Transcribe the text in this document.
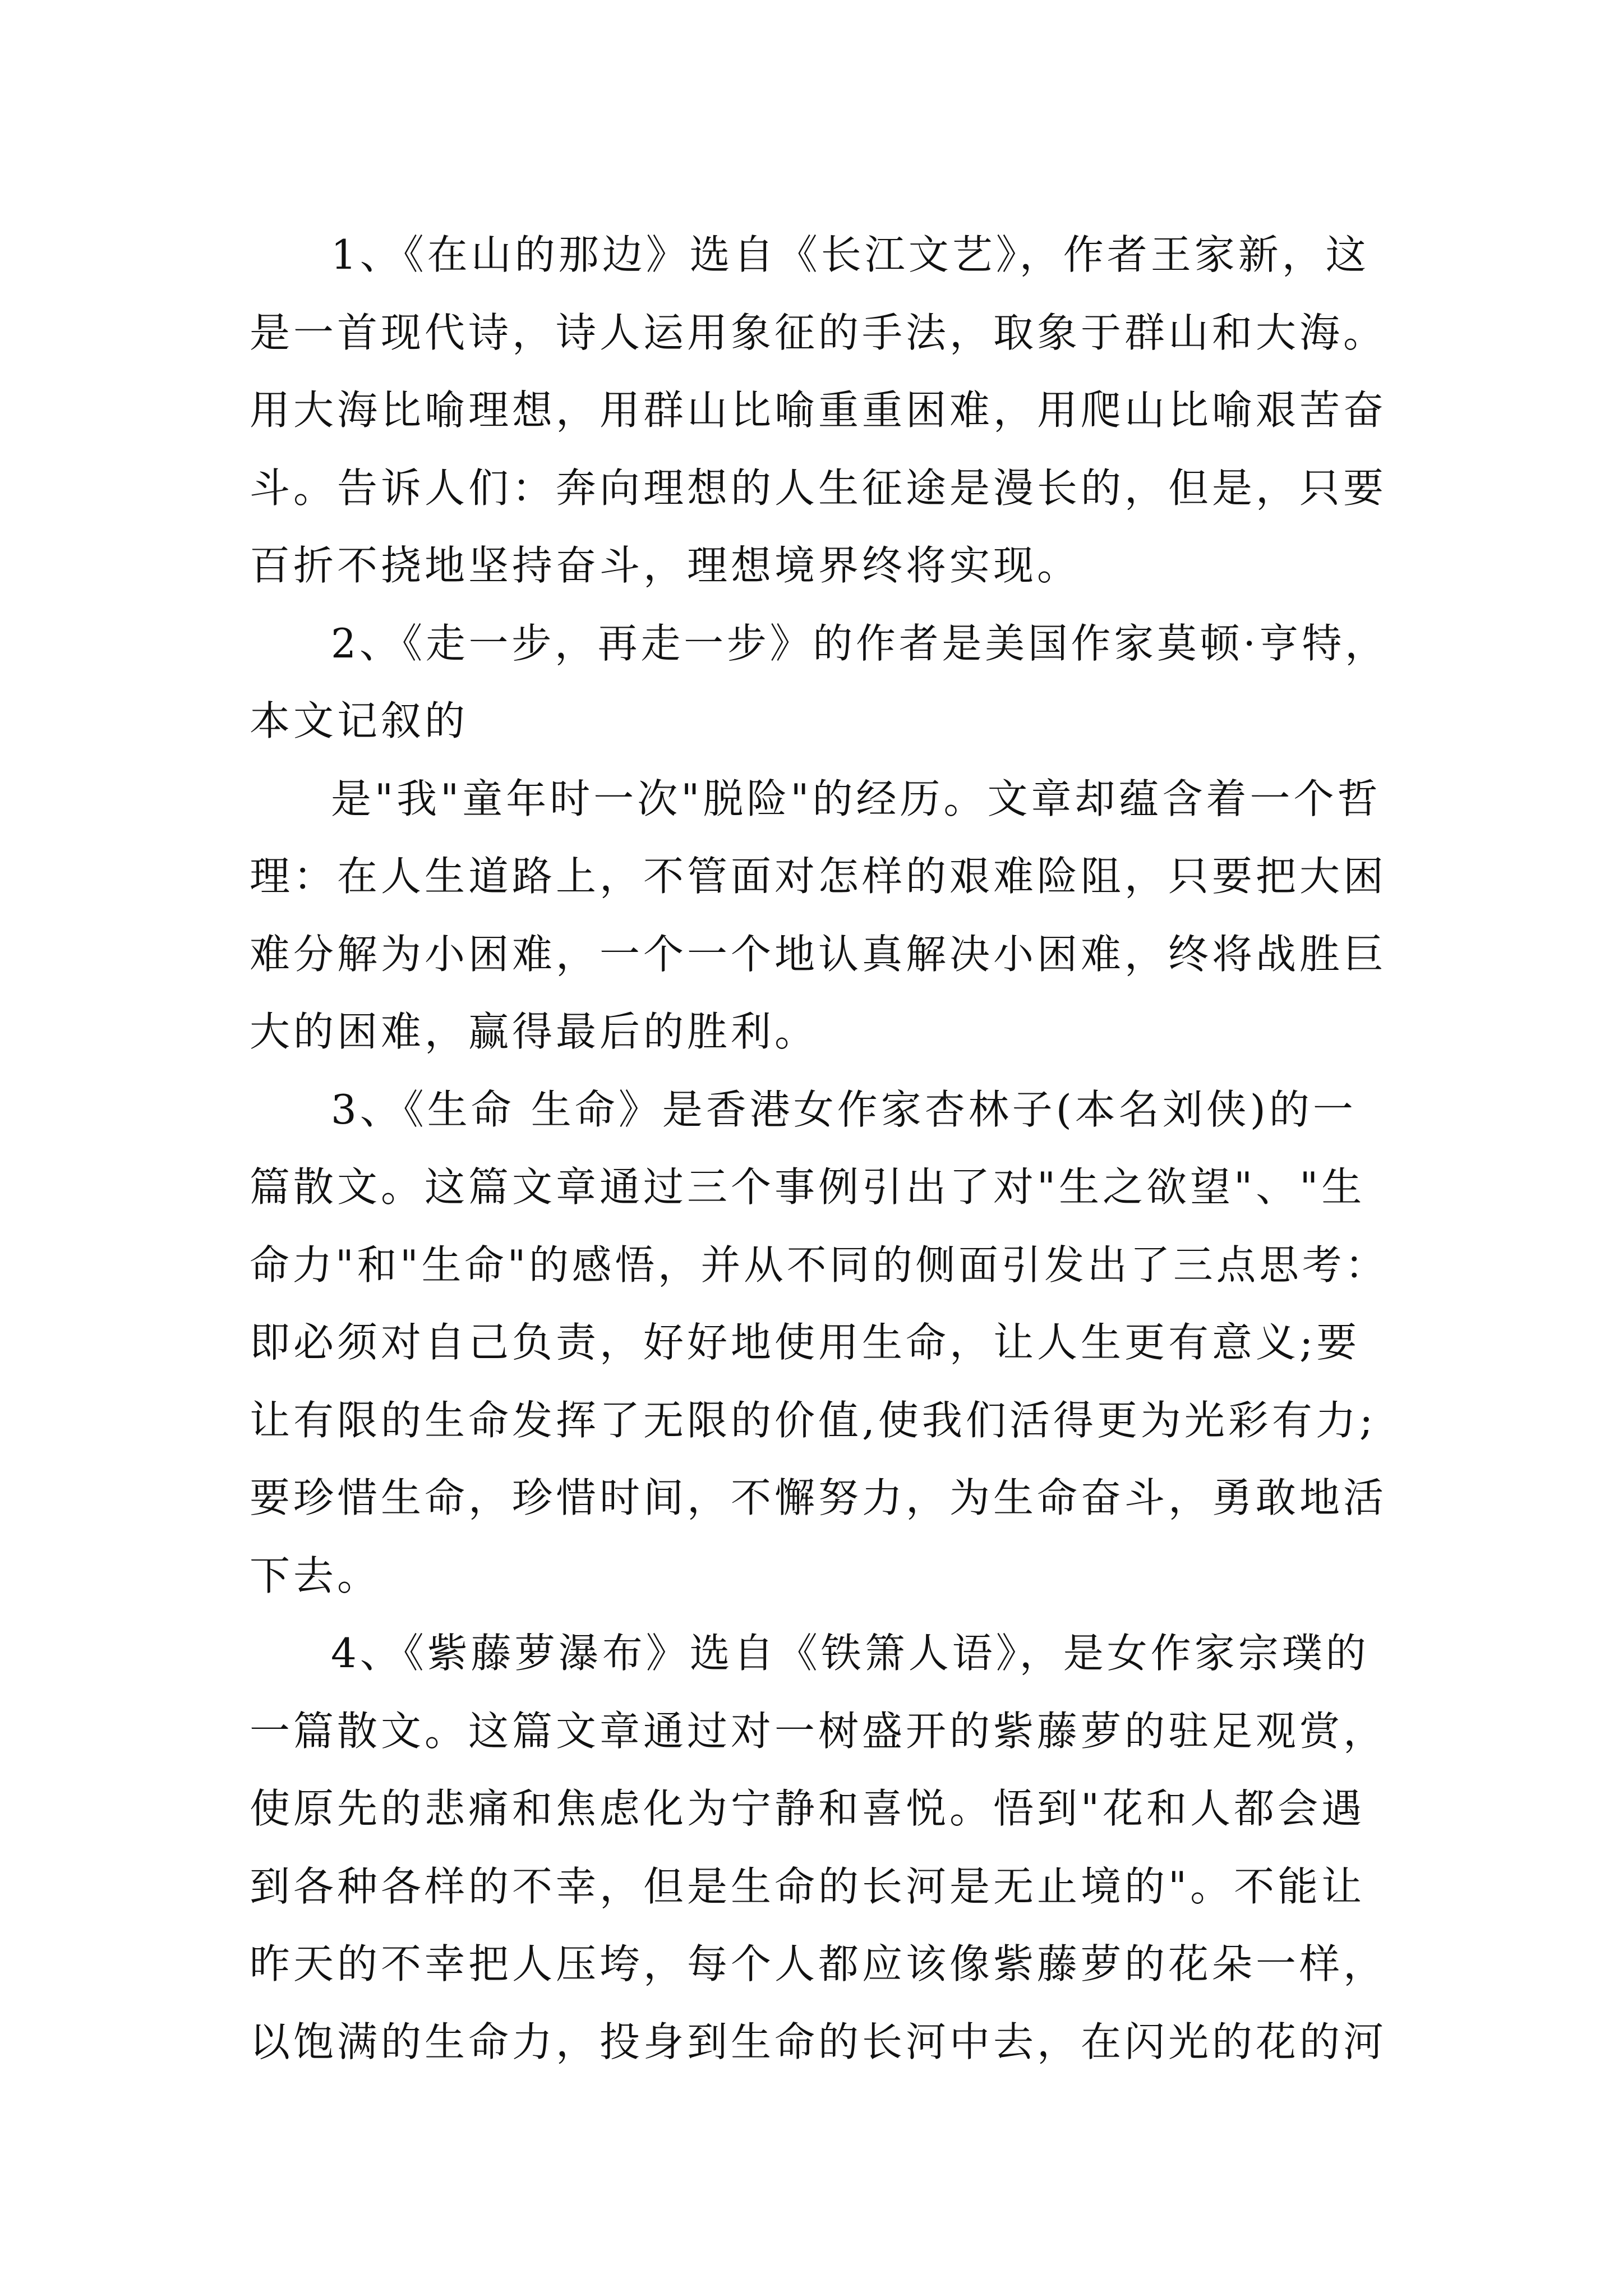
1、《在山的那边》选自《长江文艺》，作者王家新，这
是一首现代诗，诗人运用象征的手法，取象于群山和大海。
用大海比喻理想，用群山比喻重重困难，用爬山比喻艰苦奋
斗。告诉人们：奔向理想的人生征途是漫长的，但是，只要
百折不挠地坚持奋斗，理想境界终将实现。
2、《走一步，再走一步》的作者是美国作家莫顿·亨特，
本文记叙的
是"我"童年时一次"脱险"的经历。文章却蕴含着一个哲
理：在人生道路上，不管面对怎样的艰难险阻，只要把大困
难分解为小困难，一个一个地认真解决小困难，终将战胜巨
大的困难，赢得最后的胜利。
3、《生命 生命》是香港女作家杏林子(本名刘侠)的一
篇散文。这篇文章通过三个事例引出了对"生之欲望"、"生
命力"和"生命"的感悟，并从不同的侧面引发出了三点思考：
即必须对自己负责，好好地使用生命，让人生更有意义;要
让有限的生命发挥了无限的价值,使我们活得更为光彩有力;
要珍惜生命，珍惜时间，不懈努力，为生命奋斗，勇敢地活
下去。
4、《紫藤萝瀑布》选自《铁箫人语》，是女作家宗璞的
一篇散文。这篇文章通过对一树盛开的紫藤萝的驻足观赏，
使原先的悲痛和焦虑化为宁静和喜悦。悟到"花和人都会遇
到各种各样的不幸，但是生命的长河是无止境的"。不能让
昨天的不幸把人压垮，每个人都应该像紫藤萝的花朵一样，
以饱满的生命力，投身到生命的长河中去，在闪光的花的河
